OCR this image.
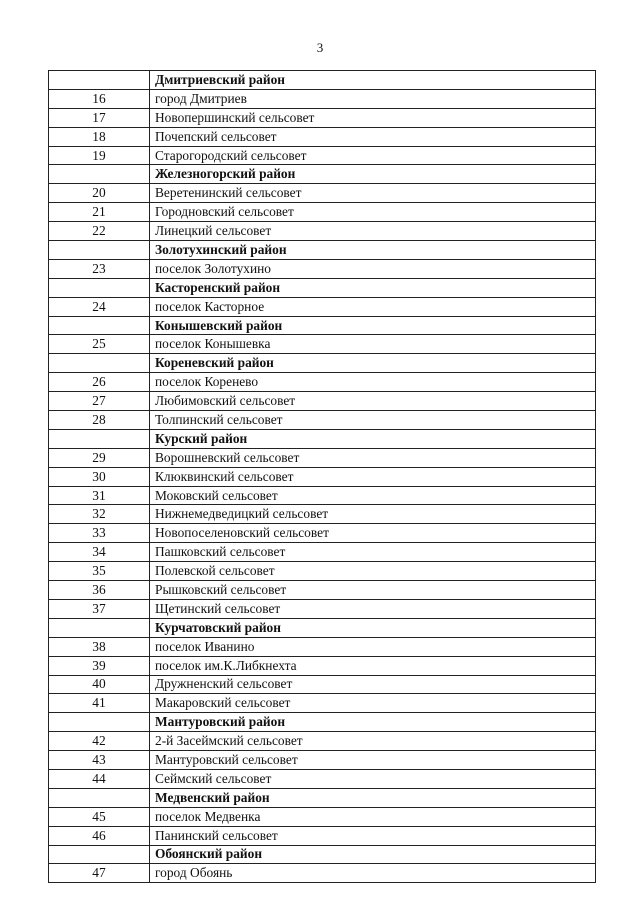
3
	Дмитриевский район
16	город Дмитриев
17	Новопершинский сельсовет
18	Почепский сельсовет
19	Старогородский сельсовет
	Железногорский район
20	Веретенинский сельсовет
21	Городновский сельсовет
22	Линецкий сельсовет
	Золотухинский район
23	поселок Золотухино
	Касторенский район
24	поселок Касторное
	Конышевский район
25	поселок Конышевка
	Кореневский район
26	поселок Коренево
27	Любимовский сельсовет
28	Толпинский сельсовет
	Курский район
29	Ворошневский сельсовет
30	Клюквинский сельсовет
31	Моковский сельсовет
32	Нижнемедведицкий сельсовет
33	Новопоселеновский сельсовет
34	Пашковский сельсовет
35	Полевской сельсовет
36	Рышковский сельсовет
37	Щетинский сельсовет
	Курчатовский район
38	поселок Иванино
39	поселок им.К.Либкнехта
40	Дружненский сельсовет
41	Макаровский сельсовет
	Мантуровский район
42	2-й Засеймский сельсовет
43	Мантуровский сельсовет
44	Сеймский сельсовет
	Медвенский район
45	поселок Медвенка
46	Панинский сельсовет
	Обоянский район
47	город Обоянь
